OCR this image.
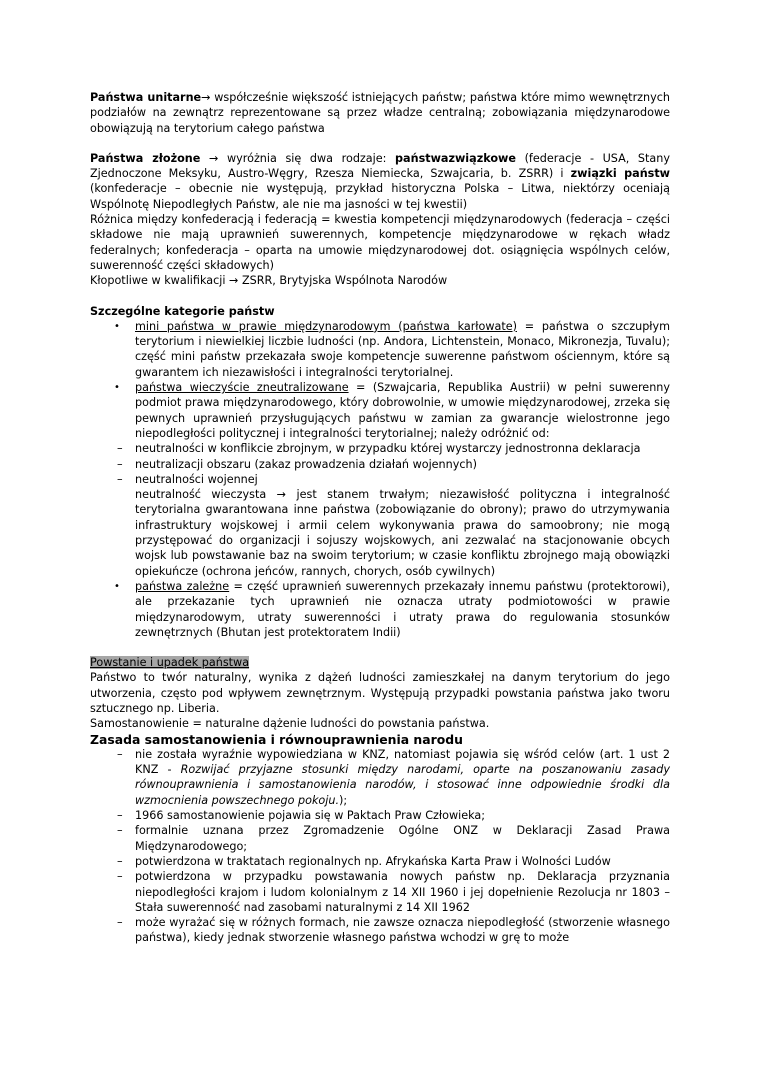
Państwa unitarne→ współcześnie większość istniejących państw; państwa które mimo wewnętrznych podziałów na zewnątrz reprezentowane są przez władze centralną; zobowiązania międzynarodowe obowiązują na terytorium całego państwa

Państwa złożone → wyróżnia się dwa rodzaje: państwazwiązkowe (federacje - USA, Stany Zjednoczone Meksyku, Austro-Węgry, Rzesza Niemiecka, Szwajcaria, b. ZSRR) i związki państw (konfederacje – obecnie nie występują, przykład historyczna Polska – Litwa, niektórzy oceniają Wspólnotę Niepodległych Państw, ale nie ma jasności w tej kwestii)

Różnica między konfederacją i federacją = kwestia kompetencji międzynarodowych (federacja – części składowe nie mają uprawnień suwerennych, kompetencje międzynarodowe w rękach władz federalnych; konfederacja – oparta na umowie międzynarodowej dot. osiągnięcia wspólnych celów, suwerenność części składowych)

Kłopotliwe w kwalifikacji → ZSRR, Brytyjska Wspólnota Narodów

Szczególne kategorie państw

• mini państwa w prawie międzynarodowym (państwa karłowate) = państwa o szczupłym terytorium i niewielkiej liczbie ludności (np. Andora, Lichtenstein, Monaco, Mikronezja, Tuvalu); część mini państw przekazała swoje kompetencje suwerenne państwom ościennym, które są gwarantem ich niezawisłości i integralności terytorialnej.
• państwa wieczyście zneutralizowane = (Szwajcaria, Republika Austrii) w pełni suwerenny podmiot prawa międzynarodowego, który dobrowolnie, w umowie międzynarodowej, zrzeka się pewnych uprawnień przysługujących państwu w zamian za gwarancje wielostronne jego niepodległości politycznej i integralności terytorialnej; należy odróżnić od:
– neutralności w konflikcie zbrojnym, w przypadku której wystarczy jednostronna deklaracja
– neutralizacji obszaru (zakaz prowadzenia działań wojennych)
– neutralności wojennej

neutralność wieczysta → jest stanem trwałym; niezawisłość polityczna i integralność terytorialna gwarantowana inne państwa (zobowiązanie do obrony); prawo do utrzymywania infrastruktury wojskowej i armii celem wykonywania prawa do samoobrony; nie mogą przystępować do organizacji i sojuszy wojskowych, ani zezwalać na stacjonowanie obcych wojsk lub powstawanie baz na swoim terytorium; w czasie konfliktu zbrojnego mają obowiązki opiekuńcze (ochrona jeńców, rannych, chorych, osób cywilnych)

• państwa zależne = część uprawnień suwerennych przekazały innemu państwu (protektorowi), ale przekazanie tych uprawnień nie oznacza utraty podmiotowości w prawie międzynarodowym, utraty suwerenności i utraty prawa do regulowania stosunków zewnętrznych (Bhutan jest protektoratem Indii)

Powstanie i upadek państwa

Państwo to twór naturalny, wynika z dążeń ludności zamieszkałej na danym terytorium do jego utworzenia, często pod wpływem zewnętrznym. Występują przypadki powstania państwa jako tworu sztucznego np. Liberia.

Samostanowienie = naturalne dążenie ludności do powstania państwa.

Zasada samostanowienia i równouprawnienia narodu

– nie została wyraźnie wypowiedziana w KNZ, natomiast pojawia się wśród celów (art. 1 ust 2 KNZ - Rozwijać przyjazne stosunki między narodami, oparte na poszanowaniu zasady równouprawnienia i samostanowienia narodów, i stosować inne odpowiednie środki dla wzmocnienia powszechnego pokoju.);
– 1966 samostanowienie pojawia się w Paktach Praw Człowieka;
– formalnie uznana przez Zgromadzenie Ogólne ONZ w Deklaracji Zasad Prawa Międzynarodowego;
– potwierdzona w traktatach regionalnych np. Afrykańska Karta Praw i Wolności Ludów
– potwierdzona w przypadku powstawania nowych państw np. Deklaracja przyznania niepodległości krajom i ludom kolonialnym z 14 XII 1960 i jej dopełnienie Rezolucja nr 1803 – Stała suwerenność nad zasobami naturalnymi z 14 XII 1962
– może wyrażać się w różnych formach, nie zawsze oznacza niepodległość (stworzenie własnego państwa), kiedy jednak stworzenie własnego państwa wchodzi w grę to może
